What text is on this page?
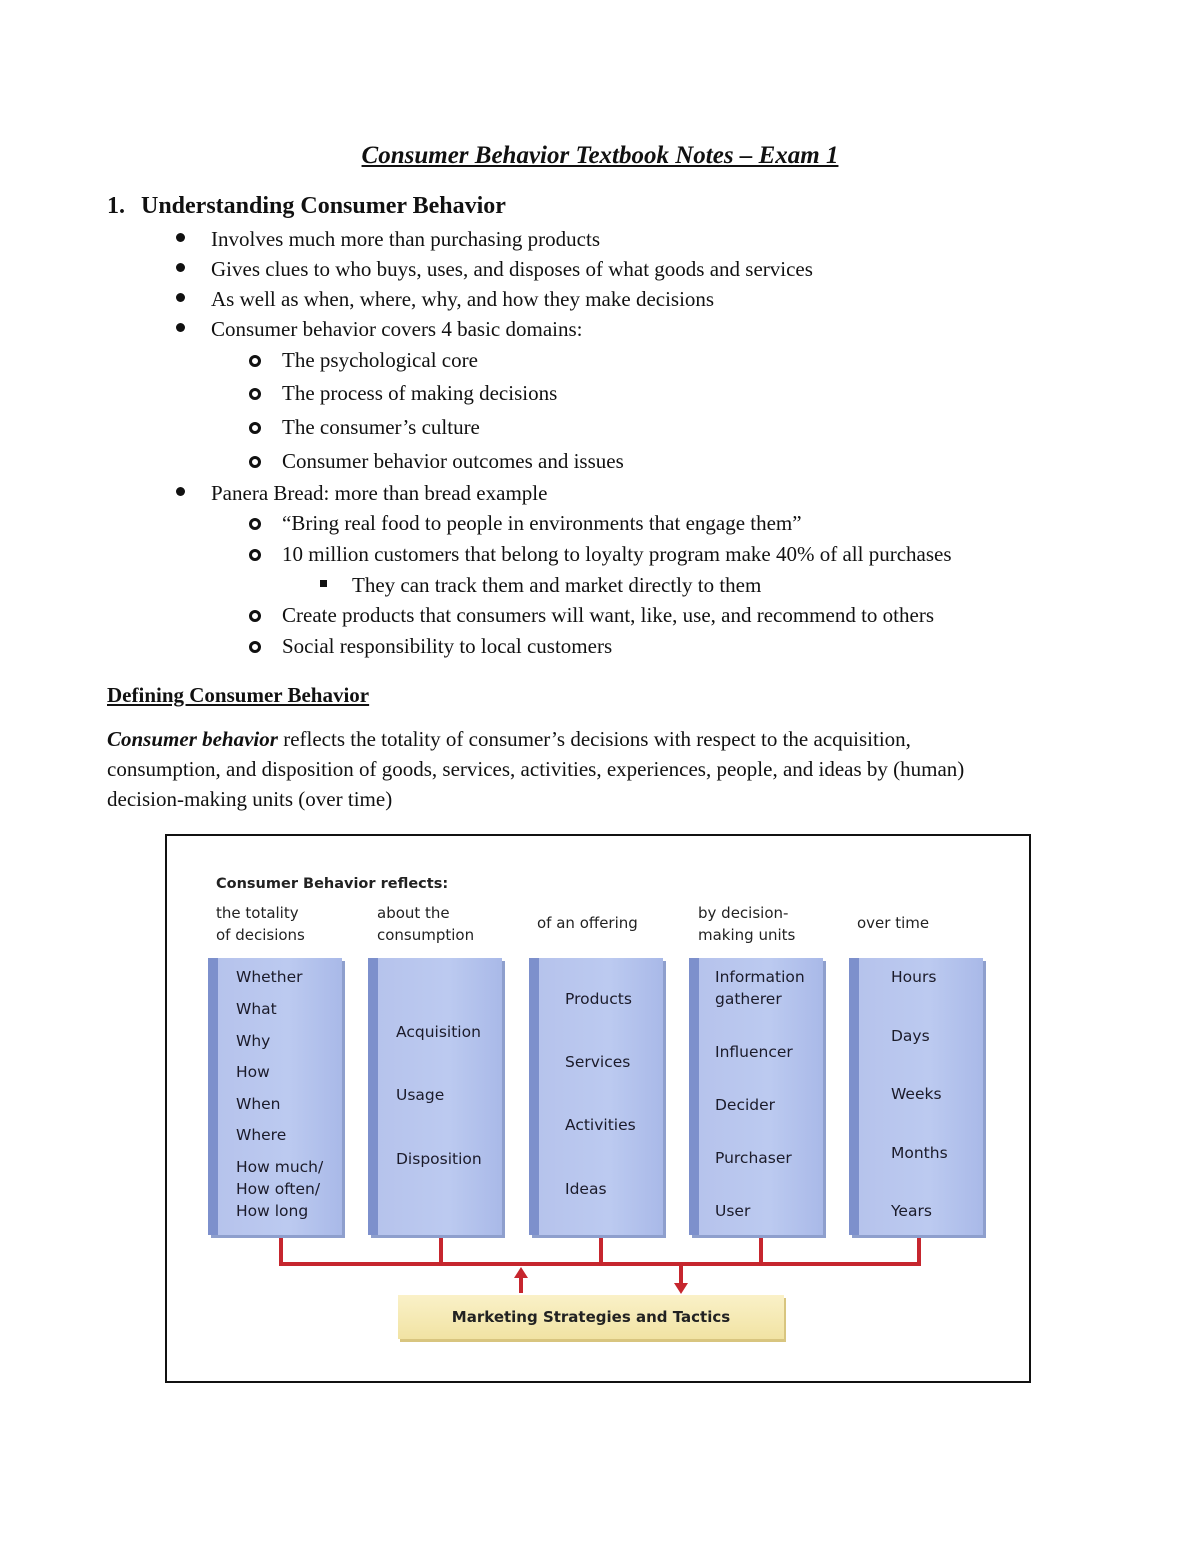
Consumer Behavior Textbook Notes – Exam 1
1. Understanding Consumer Behavior
Involves much more than purchasing products
Gives clues to who buys, uses, and disposes of what goods and services
As well as when, where, why, and how they make decisions
Consumer behavior covers 4 basic domains:
The psychological core
The process of making decisions
The consumer’s culture
Consumer behavior outcomes and issues
Panera Bread: more than bread example
“Bring real food to people in environments that engage them”
10 million customers that belong to loyalty program make 40% of all purchases
They can track them and market directly to them
Create products that consumers will want, like, use, and recommend to others
Social responsibility to local customers
Defining Consumer Behavior
Consumer behavior reflects the totality of consumer’s decisions with respect to the acquisition,
consumption, and disposition of goods, services, activities, experiences, people, and ideas by (human)
decision-making units (over time)
Consumer Behavior reflects:
the totality
of decisions
about the
consumption
of an offering
by decision-
making units
over time
Whether
What
Why
How
When
Where
How much/
How often/
How long
Acquisition
Usage
Disposition
Products
Services
Activities
Ideas
Information
gatherer
Influencer
Decider
Purchaser
User
Hours
Days
Weeks
Months
Years
Marketing Strategies and Tactics
